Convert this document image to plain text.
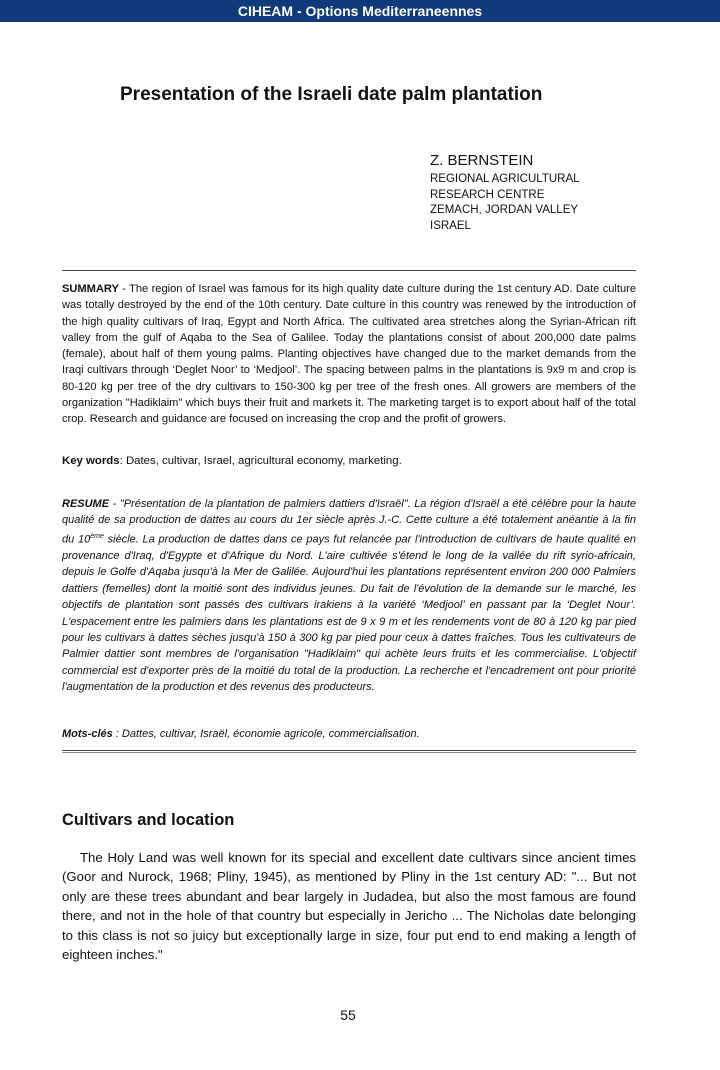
CIHEAM - Options Mediterraneennes
Presentation of the Israeli date palm plantation
Z. BERNSTEIN
REGIONAL AGRICULTURAL
RESEARCH CENTRE
ZEMACH, JORDAN VALLEY
ISRAEL

SUMMARY - The region of Israel was famous for its high quality date culture during the 1st century AD. Date culture was totally destroyed by the end of the 10th century. Date culture in this country was renewed by the introduction of the high quality cultivars of Iraq, Egypt and North Africa. The cultivated area stretches along the Syrian-African rift valley from the gulf of Aqaba to the Sea of Galilee. Today the plantations consist of about 200,000 date palms (female), about half of them young palms. Planting objectives have changed due to the market demands from the Iraqi cultivars through ‘Deglet Noor’ to ‘Medjool’. The spacing between palms in the plantations is 9x9 m and crop is 80-120 kg per tree of the dry cultivars to 150-300 kg per tree of the fresh ones. All growers are members of the organization "Hadiklaim" which buys their fruit and markets it. The marketing target is to export about half of the total crop. Research and guidance are focused on increasing the crop and the profit of growers.

Key words: Dates, cultivar, Israel, agricultural economy, marketing.

RESUME - "Présentation de la plantation de palmiers dattiers d'Israël". La région d'Israël a été célèbre pour la haute qualité de sa production de dattes au cours du 1er siècle après J.-C. Cette culture a été totalement anéantie à la fin du 10ème siècle. La production de dattes dans ce pays fut relancée par l'introduction de cultivars de haute qualité en provenance d'Iraq, d'Egypte et d'Afrique du Nord. L'aire cultivée s'étend le long de la vallée du rift syrio-africain, depuis le Golfe d'Aqaba jusqu'à la Mer de Galilée. Aujourd'hui les plantations représentent environ 200 000 Palmiers dattiers (femelles) dont la moitié sont des individus jeunes. Du fait de l'évolution de la demande sur le marché, les objectifs de plantation sont passés des cultivars irakiens à la variété ‘Medjool’ en passant par la ‘Deglet Nour’. L'espacement entre les palmiers dans les plantations est de 9 x 9 m et les rendements vont de 80 à 120 kg par pied pour les cultivars à dattes sèches jusqu'à 150 à 300 kg par pied pour ceux à dattes fraîches. Tous les cultivateurs de Palmier dattier sont membres de l'organisation "Hadiklaim" qui achète leurs fruits et les commercialise. L'objectif commercial est d'exporter près de la moitié du total de la production. La recherche et l'encadrement ont pour priorité l'augmentation de la production et des revenus des producteurs.

Mots-clés : Dattes, cultivar, Israël, économie agricole, commercialisation.

Cultivars and location

The Holy Land was well known for its special and excellent date cultivars since ancient times (Goor and Nurock, 1968; Pliny, 1945), as mentioned by Pliny in the 1st century AD: "... But not only are these trees abundant and bear largely in Judadea, but also the most famous are found there, and not in the hole of that country but especially in Jericho ... The Nicholas date belonging to this class is not so juicy but exceptionally large in size, four put end to end making a length of eighteen inches."

55
